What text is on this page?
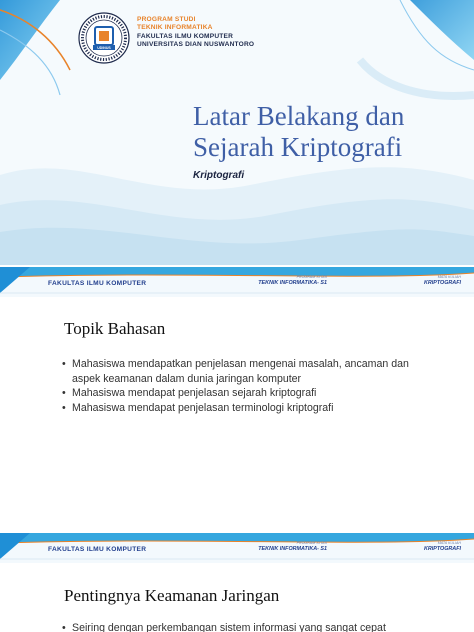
UDINUS
PROGRAM STUDI
TEKNIK INFORMATIKA
FAKULTAS ILMU KOMPUTER
UNIVERSITAS DIAN NUSWANTORO
Latar Belakang dan Sejarah Kriptografi
Kriptografi
FAKULTAS ILMU KOMPUTER
PROGRAM STUDI
TEKNIK INFORMATIKA- S1
MATA KULIAH
KRIPTOGRAFI
Topik Bahasan
• Mahasiswa mendapatkan penjelasan mengenai masalah, ancaman dan aspek keamanan dalam dunia jaringan komputer
• Mahasiswa mendapat penjelasan sejarah kriptografi
• Mahasiswa mendapat penjelasan terminologi kriptografi
FAKULTAS ILMU KOMPUTER
PROGRAM STUDI
TEKNIK INFORMATIKA- S1
MATA KULIAH
KRIPTOGRAFI
Pentingnya Keamanan Jaringan
• Seiring dengan perkembangan sistem informasi yang sangat cepat
